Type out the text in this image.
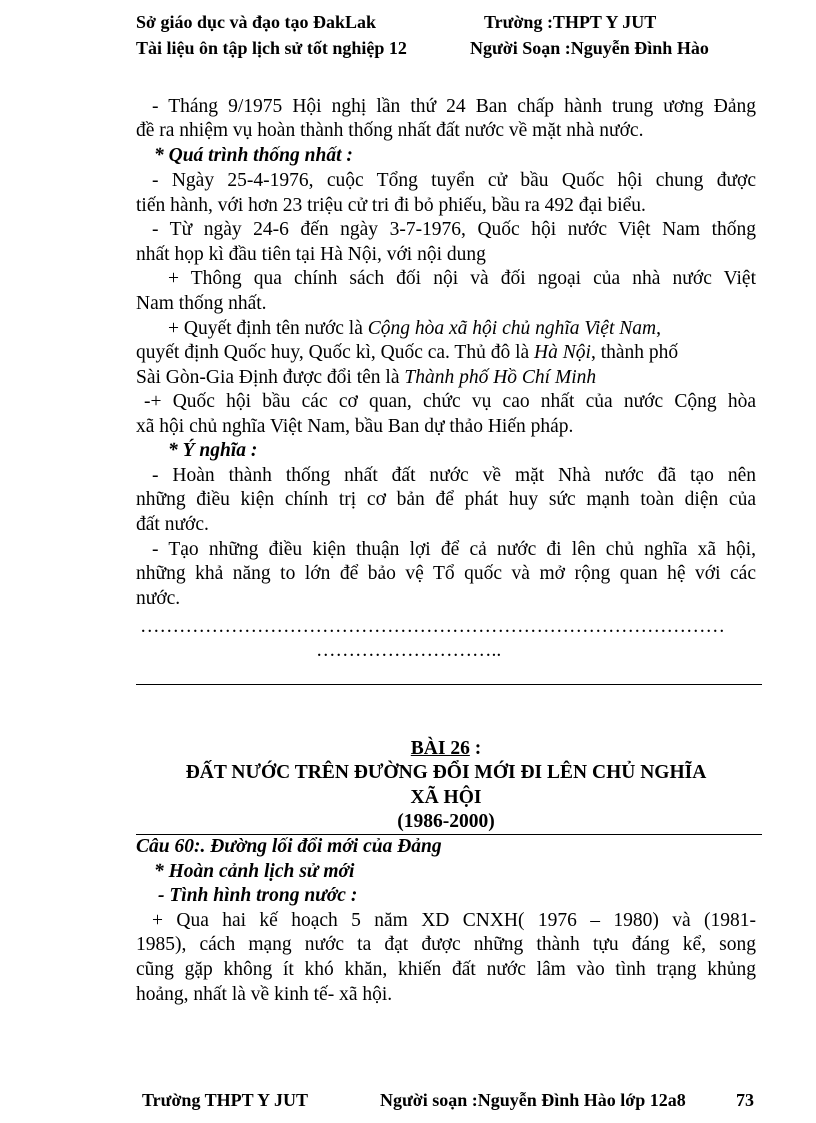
Sở giáo dục và đạo tạo ĐakLak	Trường :THPT Y JUT
Tài liệu ôn tập lịch sử tốt nghiệp 12	Người Soạn :Nguyễn Đình Hào
- Tháng 9/1975 Hội nghị lần thứ 24 Ban chấp hành trung ương Đảng
đề ra nhiệm vụ hoàn thành thống nhất đất nước về mặt nhà nước.
* Quá trình thống nhất :
- Ngày 25-4-1976, cuộc Tổng tuyển cử bầu Quốc hội chung được
tiến hành, với hơn 23 triệu cử tri đi bỏ phiếu, bầu ra 492 đại biểu.
- Từ ngày 24-6 đến ngày 3-7-1976, Quốc hội nước Việt Nam thống
nhất họp kì đầu tiên tại Hà Nội, với nội dung
+ Thông qua chính sách đối nội và đối ngoại của nhà nước Việt
Nam thống nhất.
+ Quyết định tên nước là Cộng hòa xã hội chủ nghĩa Việt Nam,
quyết định Quốc huy, Quốc kì, Quốc ca. Thủ đô là Hà Nội, thành phố
Sài Gòn-Gia Định được đổi tên là Thành phố Hồ Chí Minh
-+ Quốc hội bầu các cơ quan, chức vụ cao nhất của nước Cộng hòa
xã hội chủ nghĩa Việt Nam, bầu Ban dự thảo Hiến pháp.
* Ý nghĩa :
- Hoàn thành thống nhất đất nước về mặt Nhà nước đã tạo nên
những điều kiện chính trị cơ bản để phát huy sức mạnh toàn diện của
đất nước.
- Tạo những điều kiện thuận lợi để cả nước đi lên chủ nghĩa xã hội,
những khả năng to lớn để bảo vệ Tổ quốc và mở rộng quan hệ với các
nước.
………………………………………………………………………………
………………………..
BÀI 26 :
ĐẤT NƯỚC TRÊN ĐƯỜNG ĐỔI MỚI ĐI LÊN CHỦ NGHĨA
XÃ HỘI
(1986-2000)
Câu 60:. Đường lối đổi mới của Đảng
* Hoàn cảnh lịch sử mới
- Tình hình trong nước :
+ Qua hai kế hoạch 5 năm XD CNXH( 1976 – 1980) và (1981-
1985), cách mạng nước ta đạt được những thành tựu đáng kể, song
cũng gặp không ít khó khăn, khiến đất nước lâm vào tình trạng khủng
hoảng, nhất là về kinh tế- xã hội.
Trường THPT Y JUT	Người soạn :Nguyễn Đình Hào lớp 12a8	73
